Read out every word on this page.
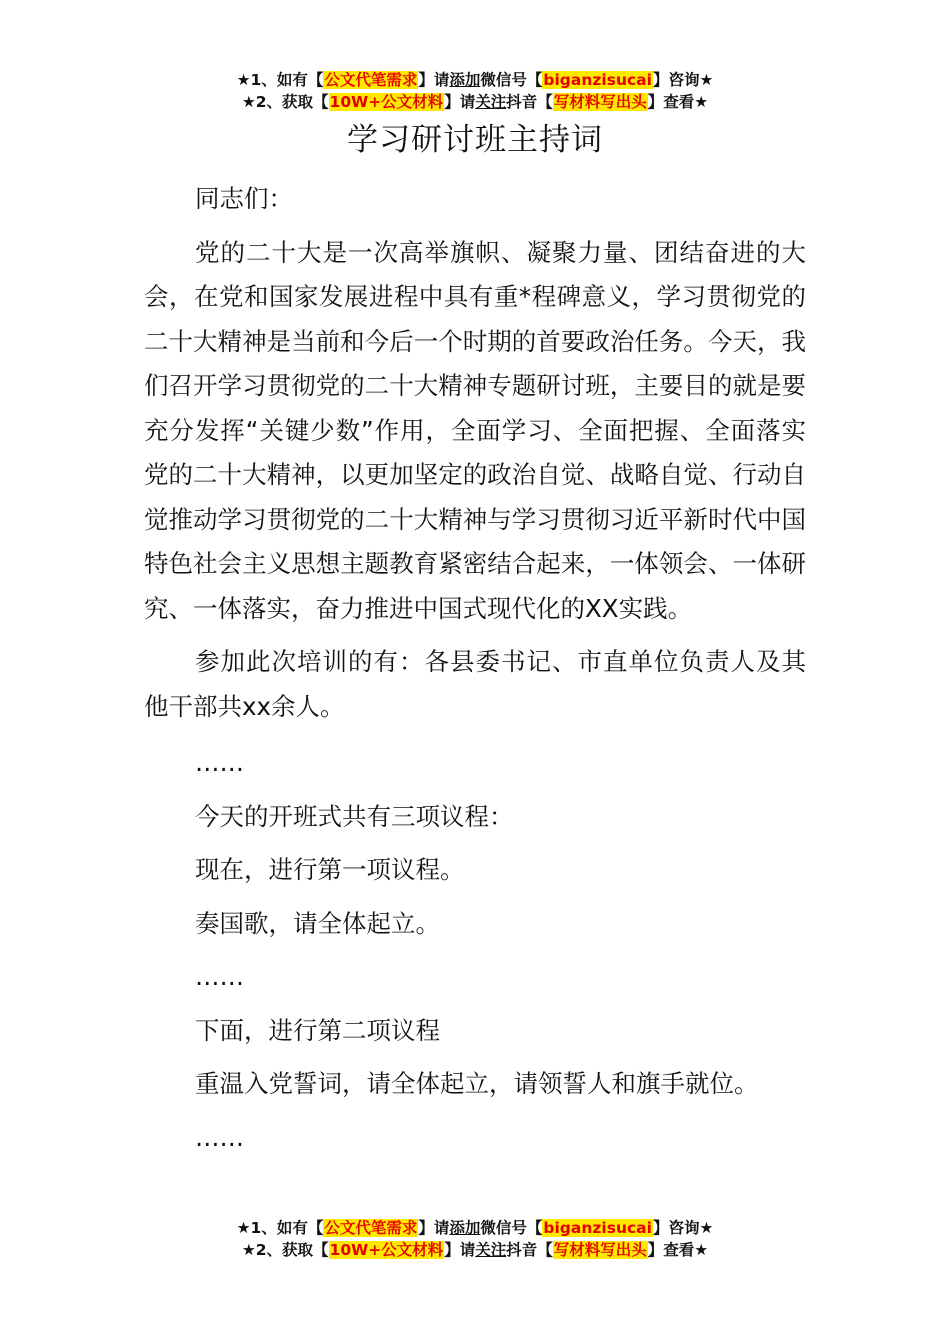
★1、如有【公文代笔需求】请添加微信号【biganzisucai】咨询★
★2、获取【10W+公文材料】请关注抖音【写材料写出头】查看★
学习研讨班主持词

同志们：

党的二十大是一次高举旗帜、凝聚力量、团结奋进的大会，在党和国家发展进程中具有重*程碑意义，学习贯彻党的二十大精神是当前和今后一个时期的首要政治任务。今天，我们召开学习贯彻党的二十大精神专题研讨班，主要目的就是要充分发挥“关键少数”作用，全面学习、全面把握、全面落实党的二十大精神，以更加坚定的政治自觉、战略自觉、行动自觉推动学习贯彻党的二十大精神与学习贯彻习近平新时代中国特色社会主义思想主题教育紧密结合起来，一体领会、一体研究、一体落实，奋力推进中国式现代化的XX实践。

参加此次培训的有：各县委书记、市直单位负责人及其他干部共xx余人。

……

今天的开班式共有三项议程：

现在，进行第一项议程。

奏国歌，请全体起立。

……

下面，进行第二项议程

重温入党誓词，请全体起立，请领誓人和旗手就位。

……

★1、如有【公文代笔需求】请添加微信号【biganzisucai】咨询★
★2、获取【10W+公文材料】请关注抖音【写材料写出头】查看★
